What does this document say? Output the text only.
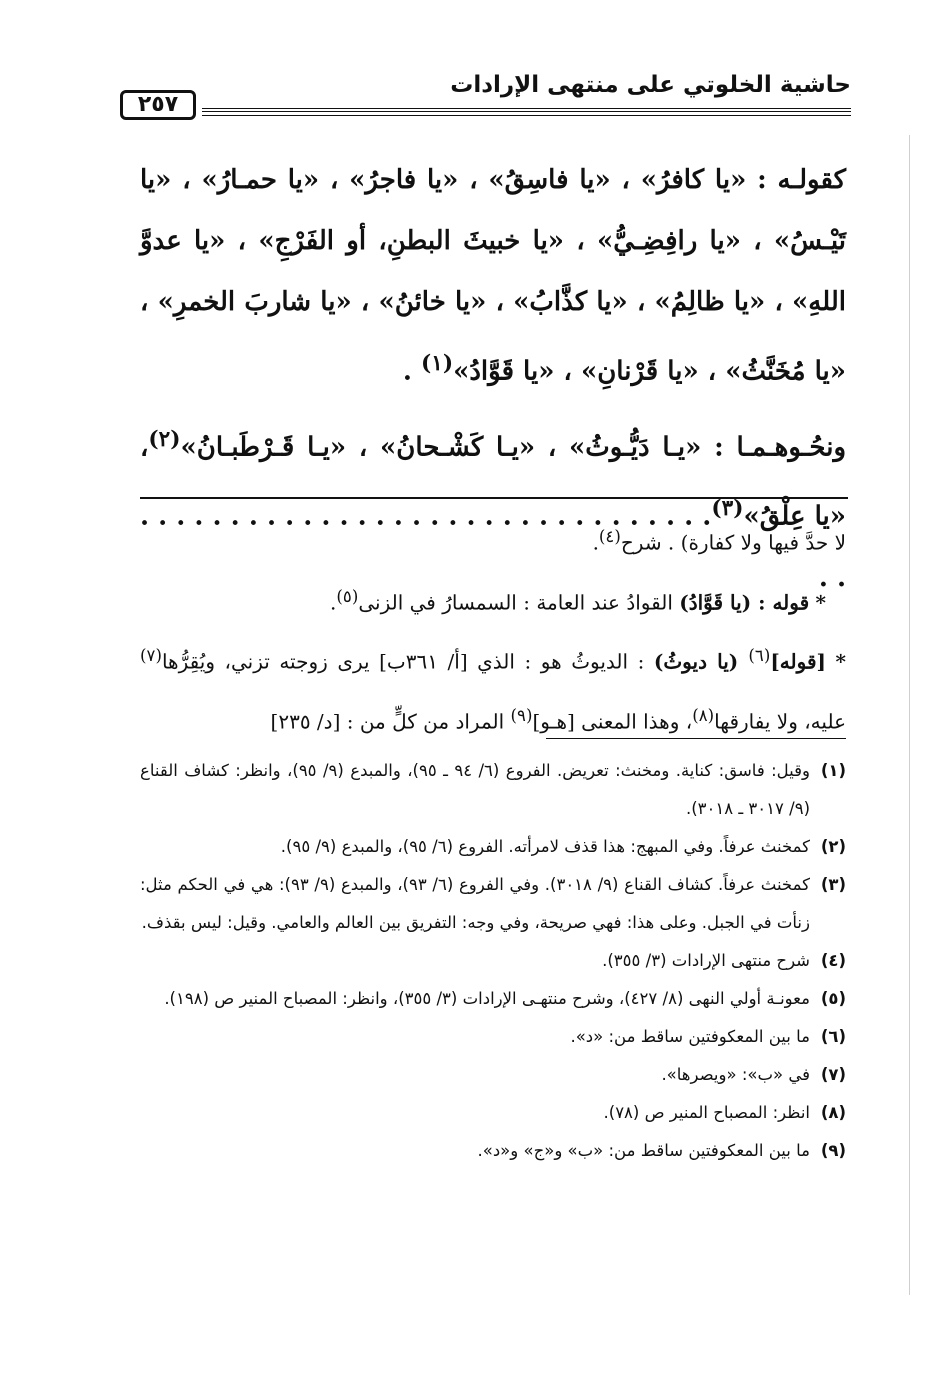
حاشية الخلوتي على منتهى الإرادات
٢٥٧

كقولـه : «يا كافرُ» ، «يا فاسِقُ» ، «يا فاجرُ» ، «يا حمـارُ» ، «يا تَيْـسُ» ، «يا رافِضِـيُّ» ، «يا خبيثَ البطنِ، أو الفَرْجِ» ، «يا عدوَّ اللهِ» ، «يا ظالِمُ» ، «يا كذَّابُ» ، «يا خائنُ» ، «يا شاربَ الخمرِ» ، «يا مُخَنَّثُ» ، «يا قَرْنانِ» ، «يا قَوَّادُ»$^{(١)}$ .

ونحُـوهـمـا : «يـا دَيُّـوثُ» ، «يـا كَشْـحانُ» ، «يـا قَـرْطَبـانُ»$^{(٢)}$، «يا عِلْقُ»$^{(٣)}$. . . . . . . . . . . . . . . . . . . . . . . . . . . . . . . . . .

لا حدَّ فيها ولا كفارة) . شرح$^{(٤)}$.

* قوله : (يا قَوَّادُ) القوادُ عند العامة : السمسارُ في الزنى$^{(٥)}$.

* [قوله]$^{(٦)}$ (يا ديوثُ) : الديوثُ هو : الذي [أ/ ٣٦١ب] يرى زوجته تزني، ويُقِرُّها$^{(٧)}$ عليه، ولا يفارقها$^{(٨)}$، وهذا المعنى [هـو]$^{(٩)}$ المراد من كلٍّ من : [د/ ٢٣٥]

(١)
وقيل: فاسق: كناية. ومخنث: تعريض. الفروع (٦/ ٩٤ ـ ٩٥)، والمبدع (٩/ ٩٥)، وانظر: كشاف القناع (٩/ ٣٠١٧ ـ ٣٠١٨).

(٢)
كمخنث عرفاً. وفي المبهج: هذا قذف لامرأته. الفروع (٦/ ٩٥)، والمبدع (٩/ ٩٥).

(٣)
كمخنث عرفاً. كشاف القناع (٩/ ٣٠١٨). وفي الفروع (٦/ ٩٣)، والمبدع (٩/ ٩٣): هي في الحكم مثل: زنأت في الجبل. وعلى هذا: فهي صريحة، وفي وجه: التفريق بين العالم والعامي. وقيل: ليس بقذف.

(٤)
شرح منتهى الإرادات (٣/ ٣٥٥).

(٥)
معونـة أولي النهى (٨/ ٤٢٧)، وشرح منتهـى الإرادات (٣/ ٣٥٥)، وانظر: المصباح المنير ص (١٩٨).

(٦)
ما بين المعكوفتين ساقط من: «د».

(٧)
في «ب»: «ويصرها».

(٨)
انظر: المصباح المنير ص (٧٨).

(٩)
ما بين المعكوفتين ساقط من: «ب» و«ج» و«د».
